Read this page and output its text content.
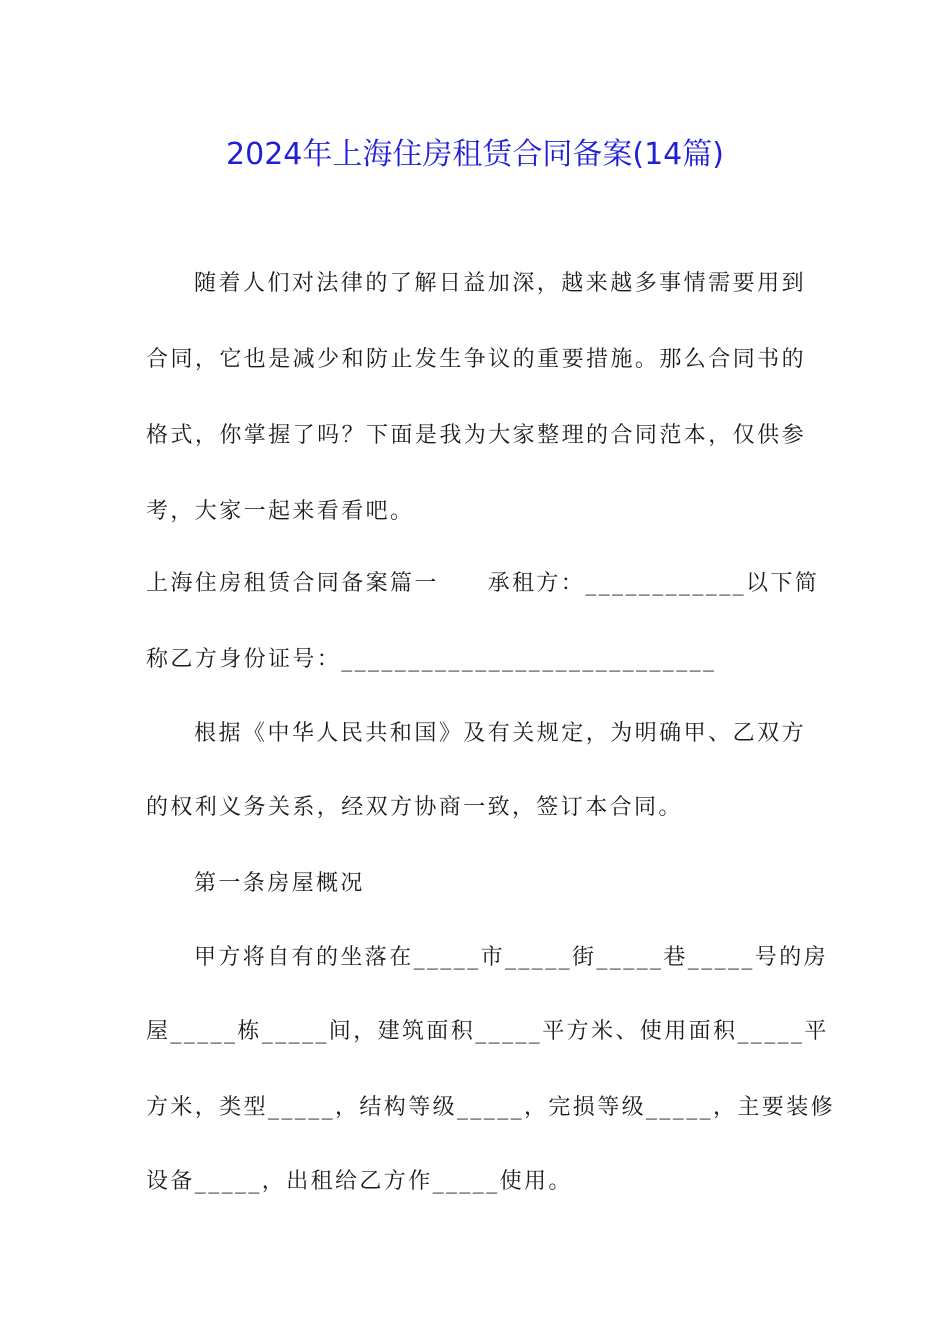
2024年上海住房租赁合同备案(14篇)
随着人们对法律的了解日益加深，越来越多事情需要用到
合同，它也是减少和防止发生争议的重要措施。那么合同书的
格式，你掌握了吗？下面是我为大家整理的合同范本，仅供参
考，大家一起来看看吧。
上海住房租赁合同备案篇一　　承租方：____________以下简
称乙方身份证号：____________________________
根据《中华人民共和国》及有关规定，为明确甲、乙双方
的权利义务关系，经双方协商一致，签订本合同。
第一条房屋概况
甲方将自有的坐落在_____市_____街_____巷_____号的房
屋_____栋_____间，建筑面积_____平方米、使用面积_____平
方米，类型_____，结构等级_____，完损等级_____，主要装修
设备_____，出租给乙方作_____使用。
